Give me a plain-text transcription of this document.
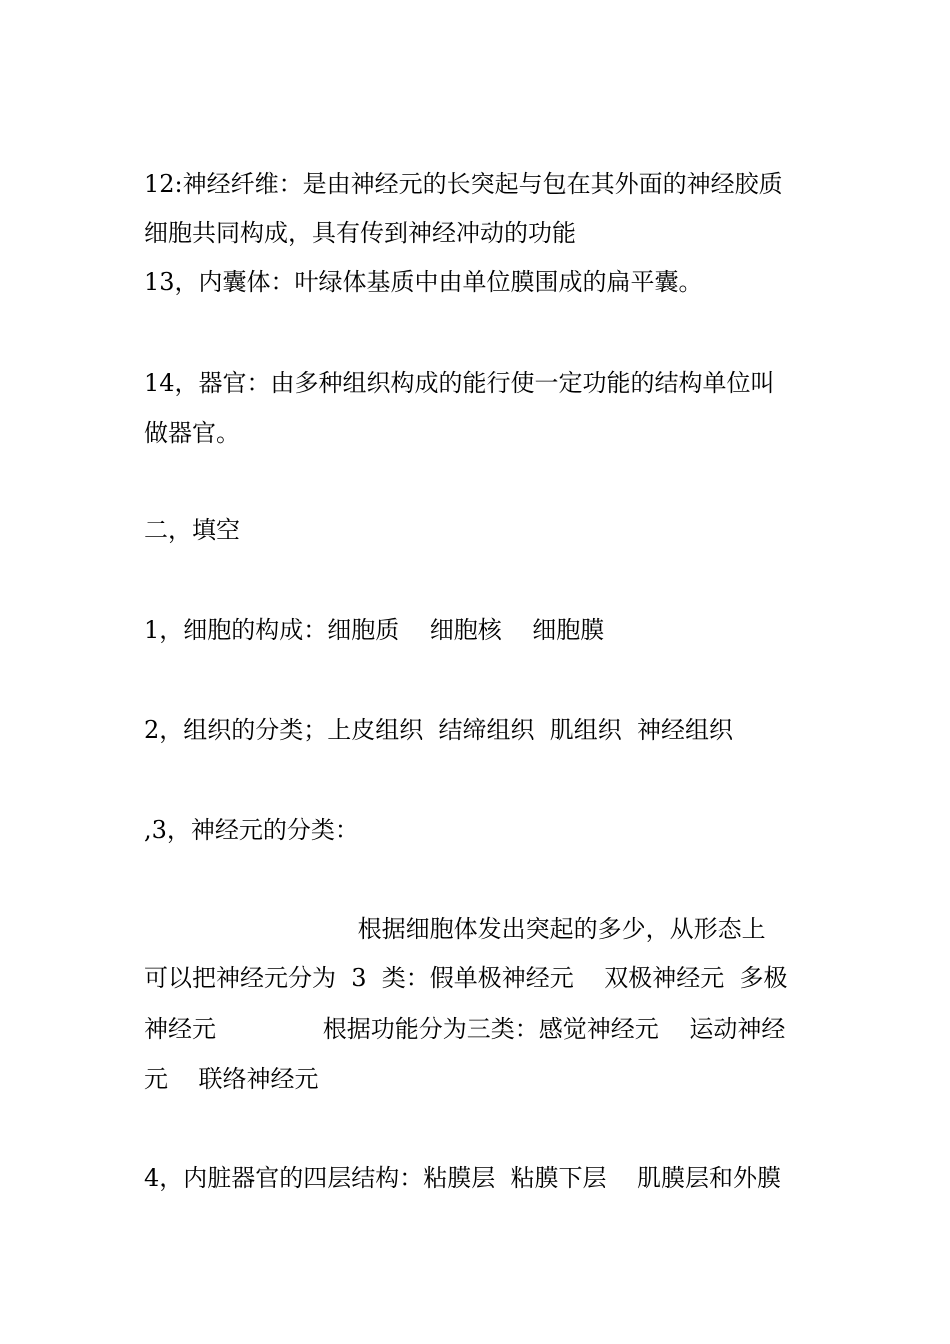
12:神经纤维：是由神经元的长突起与包在其外面的神经胶质
细胞共同构成，具有传到神经冲动的功能
13，内囊体：叶绿体基质中由单位膜围成的扁平囊。
14，器官：由多种组织构成的能行使一定功能的结构单位叫
做器官。
二，填空
1，细胞的构成：细胞质    细胞核    细胞膜
2，组织的分类；上皮组织  结缔组织  肌组织  神经组织
,3，神经元的分类：
根据细胞体发出突起的多少，从形态上
可以把神经元分为  3  类：假单极神经元    双极神经元  多极
神经元              根据功能分为三类：感觉神经元    运动神经
元    联络神经元
4，内脏器官的四层结构：粘膜层  粘膜下层    肌膜层和外膜
